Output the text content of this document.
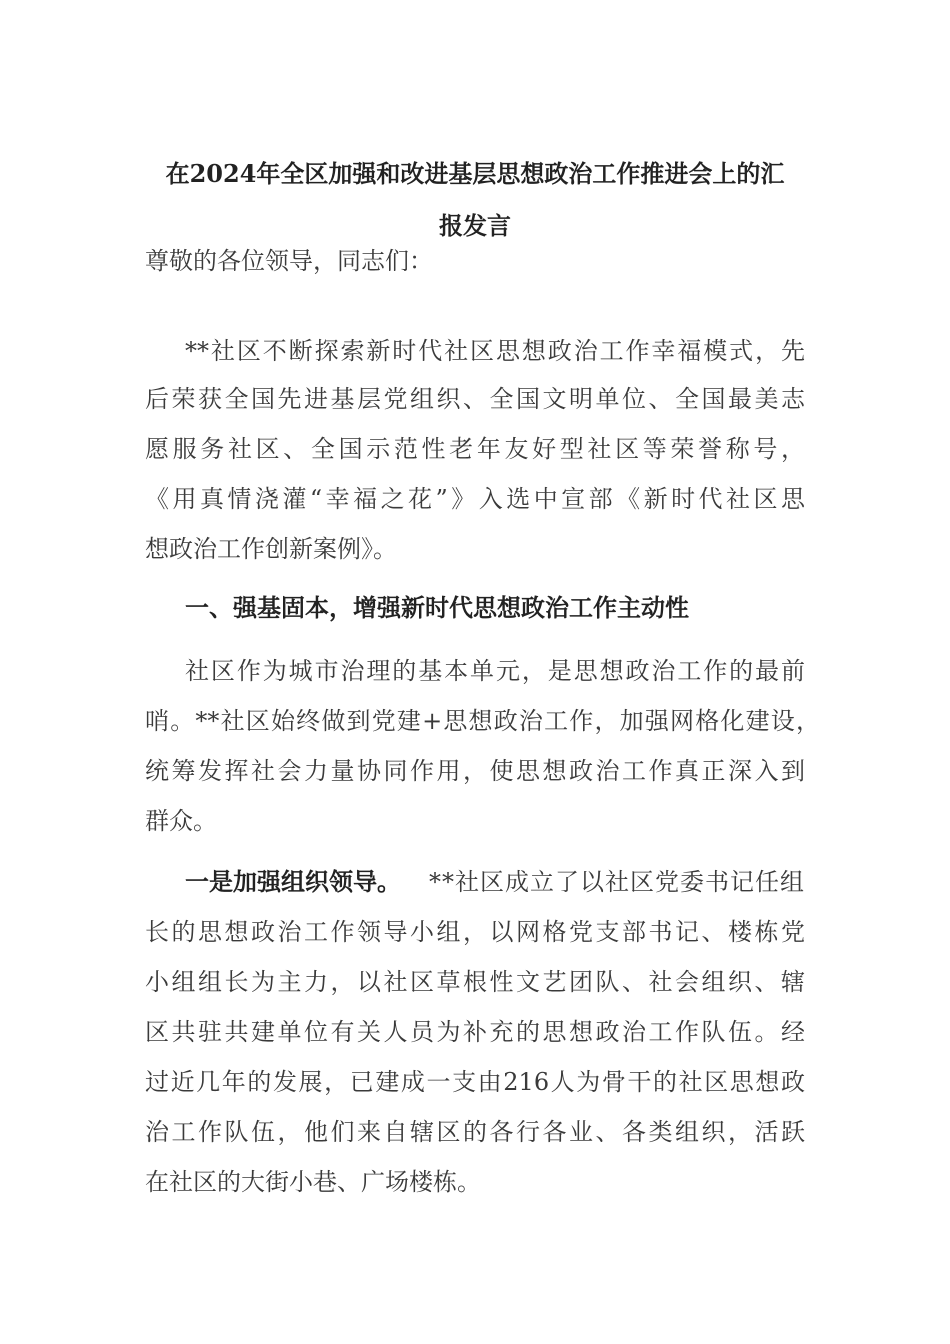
在2024年全区加强和改进基层思想政治工作推进会上的汇
报发言
尊敬的各位领导，同志们：
**社区不断探索新时代社区思想政治工作幸福模式，先
后荣获全国先进基层党组织、全国文明单位、全国最美志
愿服务社区、全国示范性老年友好型社区等荣誉称号，
《用真情浇灌“幸福之花”》入选中宣部《新时代社区思
想政治工作创新案例》。
一、强基固本，增强新时代思想政治工作主动性
社区作为城市治理的基本单元，是思想政治工作的最前
哨。**社区始终做到党建+思想政治工作，加强网格化建设，
统筹发挥社会力量协同作用，使思想政治工作真正深入到
群众。
一是加强组织领导。 **社区成立了以社区党委书记任组
长的思想政治工作领导小组，以网格党支部书记、楼栋党
小组组长为主力，以社区草根性文艺团队、社会组织、辖
区共驻共建单位有关人员为补充的思想政治工作队伍。经
过近几年的发展，已建成一支由216人为骨干的社区思想政
治工作队伍，他们来自辖区的各行各业、各类组织，活跃
在社区的大街小巷、广场楼栋。
